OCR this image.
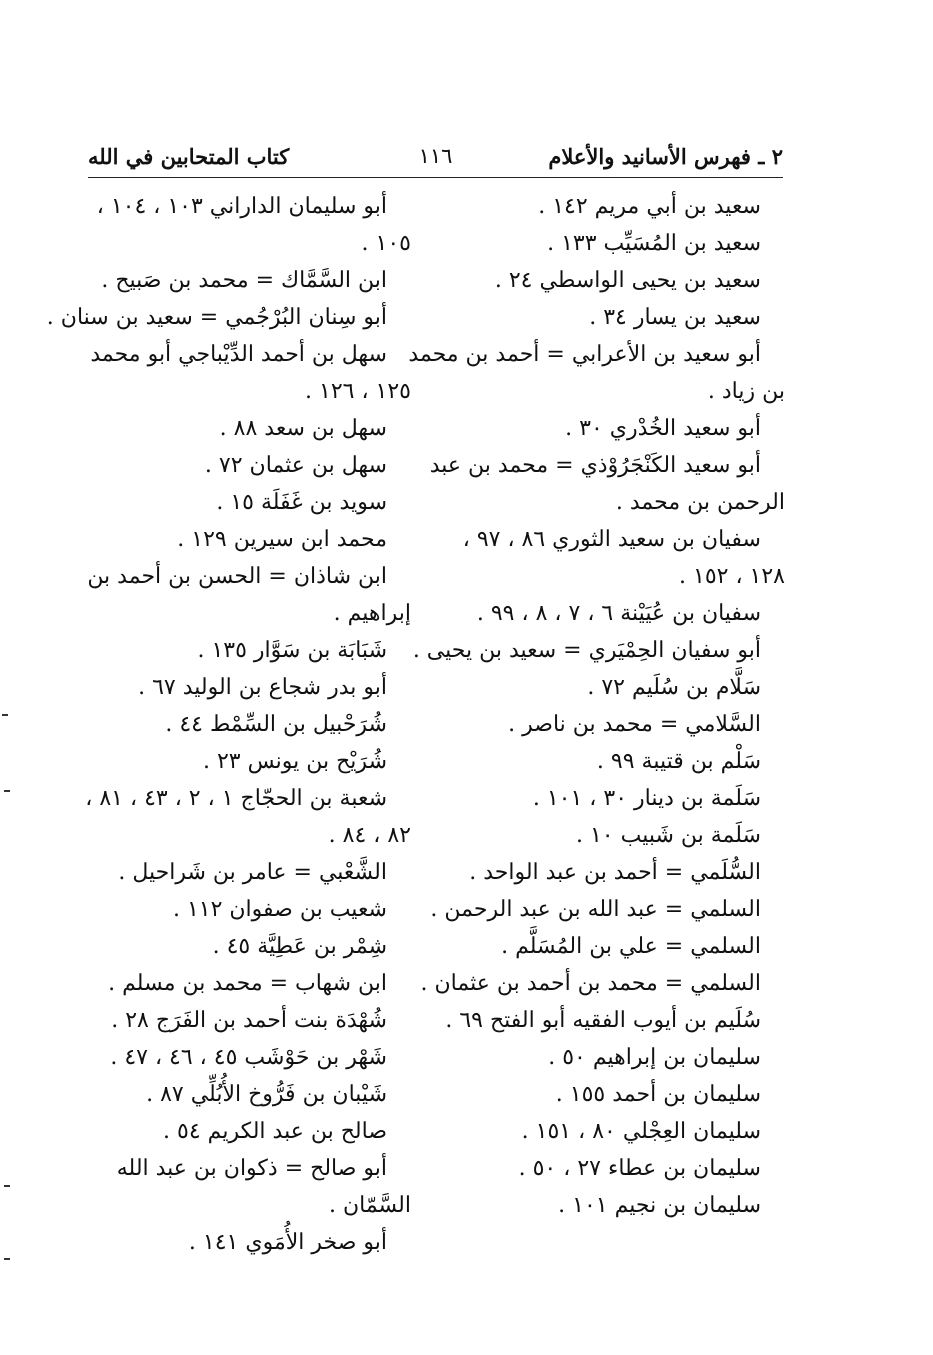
٢ ـ فهرس الأسانيد والأعلام
١١٦
كتاب المتحابين في الله
سعيد بن أبي مريم ١٤٢ .
سعيد بن المُسَيِّب ١٣٣ .
سعيد بن يحيى الواسطي ٢٤ .
سعيد بن يسار ٣٤ .
أبو سعيد بن الأعرابي = أحمد بن محمد
بن زياد .
أبو سعيد الخُدْري ٣٠ .
أبو سعيد الكَنْجَرُوْذي = محمد بن عبد
الرحمن بن محمد .
سفيان بن سعيد الثوري ٨٦ ، ٩٧ ،
١٢٨ ، ١٥٢ .
سفيان بن عُيَيْنة ٦ ، ٧ ، ٨ ، ٩٩ .
أبو سفيان الحِمْيَري = سعيد بن يحيى .
سَلَّام بن سُلَيم ٧٢ .
السَّلامي = محمد بن ناصر .
سَلْم بن قتيبة ٩٩ .
سَلَمة بن دينار ٣٠ ، ١٠١ .
سَلَمة بن شَبيب ١٠ .
السُّلَمي = أحمد بن عبد الواحد .
السلمي = عبد الله بن عبد الرحمن .
السلمي = علي بن المُسَلَّم .
السلمي = محمد بن أحمد بن عثمان .
سُلَيم بن أيوب الفقيه أبو الفتح ٦٩ .
سليمان بن إبراهيم ٥٠ .
سليمان بن أحمد ١٥٥ .
سليمان العِجْلي ٨٠ ، ١٥١ .
سليمان بن عطاء ٢٧ ، ٥٠ .
سليمان بن نجيم ١٠١ .
أبو سليمان الداراني ١٠٣ ، ١٠٤ ،
١٠٥ .
ابن السَّمَّاك = محمد بن صَبيح .
أبو سِنان البُرْجُمي = سعيد بن سنان .
سهل بن أحمد الدِّيْباجي أبو محمد
١٢٥ ، ١٢٦ .
سهل بن سعد ٨٨ .
سهل بن عثمان ٧٢ .
سويد بن غَفَلَة ١٥ .
محمد ابن سيرين ١٢٩ .
ابن شاذان = الحسن بن أحمد بن
إبراهيم .
شَبَابَة بن سَوَّار ١٣٥ .
أبو بدر شجاع بن الوليد ٦٧ .
شُرَحْبيل بن السِّمْط ٤٤ .
شُرَيْح بن يونس ٢٣ .
شعبة بن الحجّاج ١ ، ٢ ، ٤٣ ، ٨١ ،
٨٢ ، ٨٤ .
الشَّعْبي = عامر بن شَراحيل .
شعيب بن صفوان ١١٢ .
شِمْر بن عَطِيَّة ٤٥ .
ابن شهاب = محمد بن مسلم .
شُهْدَة بنت أحمد بن الفَرَج ٢٨ .
شَهْر بن حَوْشَب ٤٥ ، ٤٦ ، ٤٧ .
شَيْبان بن فَرُّوخ الأُبُلِّي ٨٧ .
صالح بن عبد الكريم ٥٤ .
أبو صالح = ذكوان بن عبد الله
السَّمّان .
أبو صخر الأُمَوي ١٤١ .
